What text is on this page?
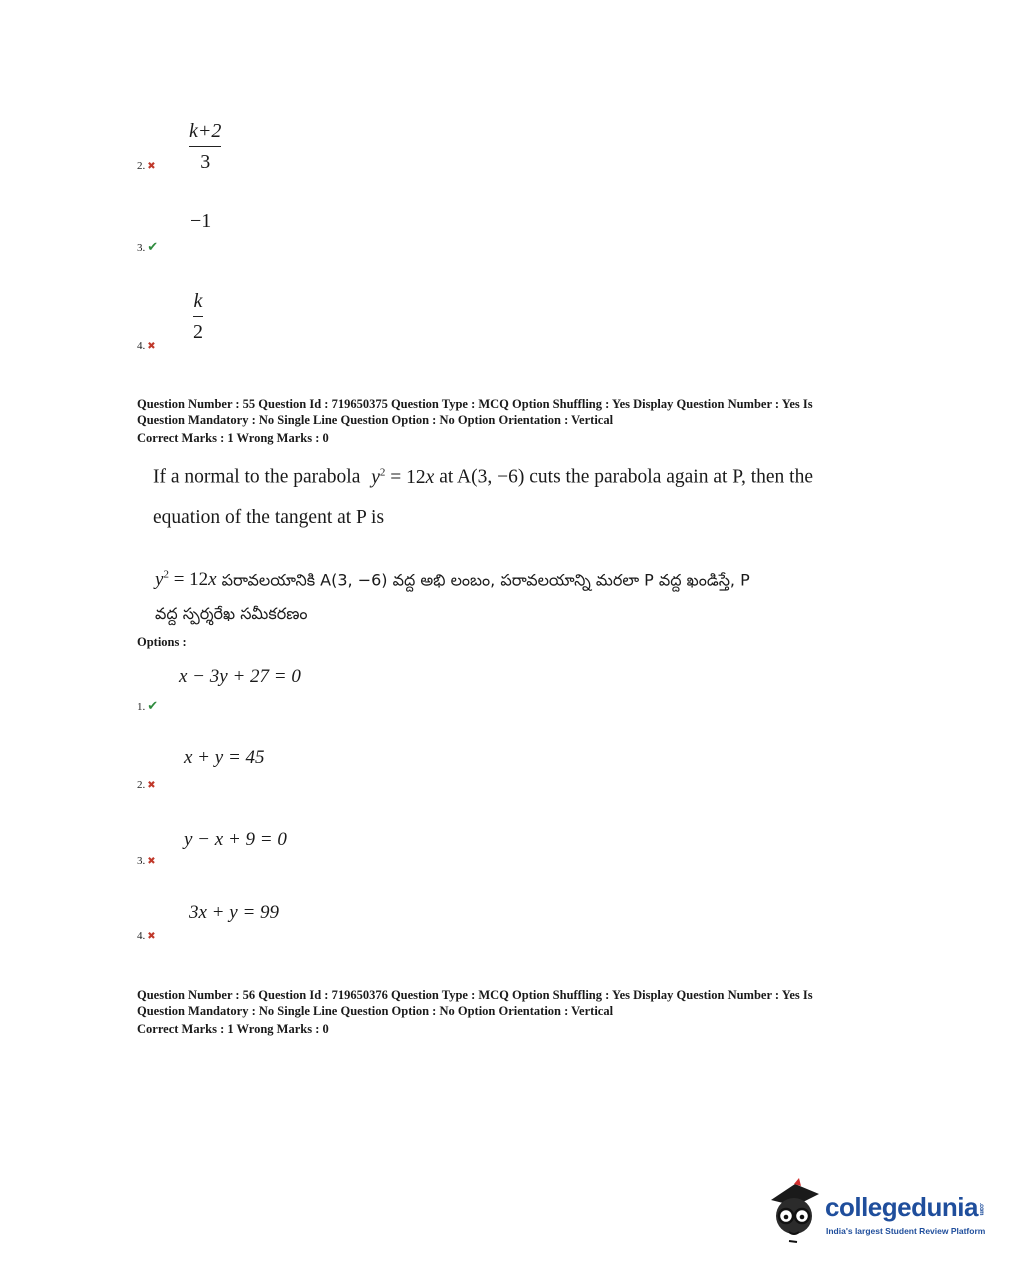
k+2
3
2. ✖
−1
3. ✔
k
2
4. ✖
Question Number : 55 Question Id : 719650375 Question Type : MCQ Option Shuffling : Yes Display Question Number : Yes Is
Question Mandatory : No Single Line Question Option : No Option Orientation : Vertical
Correct Marks : 1 Wrong Marks : 0
If a normal to the parabola $y^2 = 12x$ at A(3, −6) cuts the parabola again at P, then the
equation of the tangent at P is
$y^2 = 12x$ పరావలయానికి A(3, −6) వద్ద అభి లంబం, పరావలయాన్ని మరలా P వద్ద ఖండిస్తే, P
వద్ద స్పర్శరేఖ సమీకరణం
Options :
x − 3y + 27 = 0
1. ✔
x + y = 45
2. ✖
y − x + 9 = 0
3. ✖
3x + y = 99
4. ✖
Question Number : 56 Question Id : 719650376 Question Type : MCQ Option Shuffling : Yes Display Question Number : Yes Is
Question Mandatory : No Single Line Question Option : No Option Orientation : Vertical
Correct Marks : 1 Wrong Marks : 0
collegedunia.com
India's largest Student Review Platform
